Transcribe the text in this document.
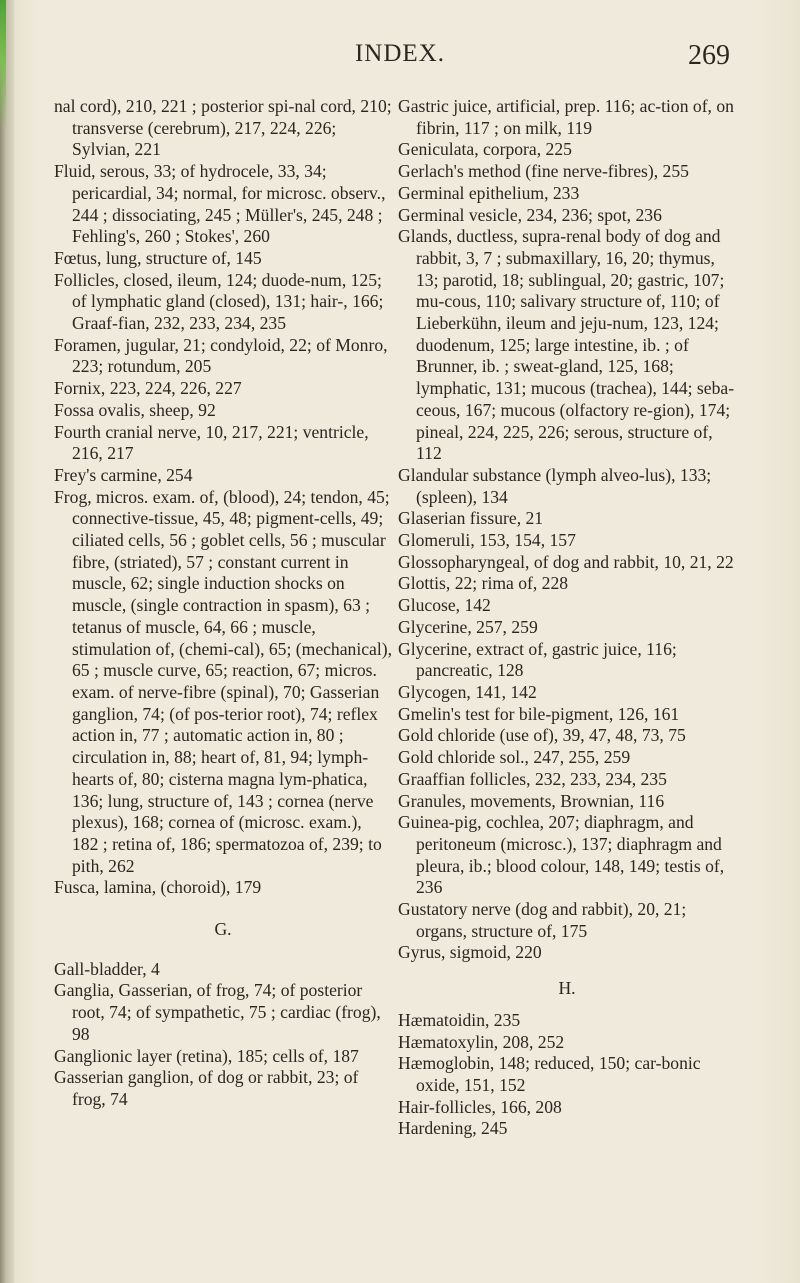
INDEX.	269

nal cord), 210, 221 ; posterior spi-nal cord, 210; transverse (cerebrum), 217, 224, 226; Sylvian, 221

Fluid, serous, 33; of hydrocele, 33, 34; pericardial, 34; normal, for microsc. observ., 244 ; dissociating, 245 ; Müller's, 245, 248 ; Fehling's, 260 ; Stokes', 260

Fœtus, lung, structure of, 145

Follicles, closed, ileum, 124; duode-num, 125; of lymphatic gland (closed), 131; hair-, 166; Graaf-fian, 232, 233, 234, 235

Foramen, jugular, 21; condyloid, 22; of Monro, 223; rotundum, 205

Fornix, 223, 224, 226, 227

Fossa ovalis, sheep, 92

Fourth cranial nerve, 10, 217, 221; ventricle, 216, 217

Frey's carmine, 254

Frog, micros. exam. of, (blood), 24; tendon, 45; connective-tissue, 45, 48; pigment-cells, 49; ciliated cells, 56 ; goblet cells, 56 ; muscular fibre, (striated), 57 ; constant current in muscle, 62; single induction shocks on muscle, (single contraction in spasm), 63 ; tetanus of muscle, 64, 66 ; muscle, stimulation of, (chemi-cal), 65; (mechanical), 65 ; muscle curve, 65; reaction, 67; micros. exam. of nerve-fibre (spinal), 70; Gasserian ganglion, 74; (of pos-terior root), 74; reflex action in, 77 ; automatic action in, 80 ; circulation in, 88; heart of, 81, 94; lymph-hearts of, 80; cisterna magna lym-phatica, 136; lung, structure of, 143 ; cornea (nerve plexus), 168; cornea of (microsc. exam.), 182 ; retina of, 186; spermatozoa of, 239; to pith, 262

Fusca, lamina, (choroid), 179

G.

Gall-bladder, 4

Ganglia, Gasserian, of frog, 74; of posterior root, 74; of sympathetic, 75 ; cardiac (frog), 98

Ganglionic layer (retina), 185; cells of, 187

Gasserian ganglion, of dog or rabbit, 23; of frog, 74

Gastric juice, artificial, prep. 116; ac-tion of, on fibrin, 117 ; on milk, 119

Geniculata, corpora, 225

Gerlach's method (fine nerve-fibres), 255

Germinal epithelium, 233

Germinal vesicle, 234, 236; spot, 236

Glands, ductless, supra-renal body of dog and rabbit, 3, 7 ; submaxillary, 16, 20; thymus, 13; parotid, 18; sublingual, 20; gastric, 107; mu-cous, 110; salivary structure of, 110; of Lieberkühn, ileum and jeju-num, 123, 124; duodenum, 125; large intestine, ib. ; of Brunner, ib. ; sweat-gland, 125, 168; lymphatic, 131; mucous (trachea), 144; seba-ceous, 167; mucous (olfactory re-gion), 174; pineal, 224, 225, 226; serous, structure of, 112

Glandular substance (lymph alveo-lus), 133; (spleen), 134

Glaserian fissure, 21

Glomeruli, 153, 154, 157

Glossopharyngeal, of dog and rabbit, 10, 21, 22

Glottis, 22; rima of, 228

Glucose, 142

Glycerine, 257, 259

Glycerine, extract of, gastric juice, 116; pancreatic, 128

Glycogen, 141, 142

Gmelin's test for bile-pigment, 126, 161

Gold chloride (use of), 39, 47, 48, 73, 75

Gold chloride sol., 247, 255, 259

Graaffian follicles, 232, 233, 234, 235

Granules, movements, Brownian, 116

Guinea-pig, cochlea, 207; diaphragm, and peritoneum (microsc.), 137; diaphragm and pleura, ib.; blood colour, 148, 149; testis of, 236

Gustatory nerve (dog and rabbit), 20, 21; organs, structure of, 175

Gyrus, sigmoid, 220

H.

Hæmatoidin, 235

Hæmatoxylin, 208, 252

Hæmoglobin, 148; reduced, 150; car-bonic oxide, 151, 152

Hair-follicles, 166, 208

Hardening, 245
